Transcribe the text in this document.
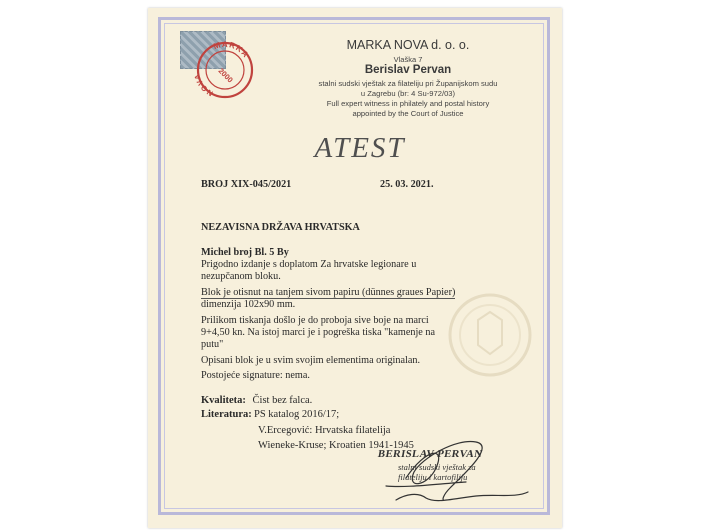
MARKA
NOVA	2000
MARKA NOVA d. o. o.
Vlaška 7
Berislav Pervan
stalni sudski vještak za filateliju pri Županijskom sudu
u Zagrebu (br: 4 Su-972/03)
Full expert witness in philately and postal history
appointed by the Court of Justice
ATEST
BROJ XIX-045/2021	25. 03. 2021.
NEZAVISNA DRŽAVA HRVATSKA
Michel broj Bl. 5 By
Prigodno izdanje s doplatom Za hrvatske legionare u
nezupčanom bloku.
Blok je otisnut na tanjem sivom papiru (dünnes graues Papier)
dimenzija 102x90 mm.
Prilikom tiskanja došlo je do proboja sive boje na marci
9+4,50 kn. Na istoj marci je i pogreška tiska "kamenje na
putu"
Opisani blok je u svim svojim elementima originalan.
Postojeće signature: nema.
Kvaliteta: Čist bez falca.
Literatura: PS katalog 2016/17;
V.Ercegović: Hrvatska filatelija
Wieneke-Kruse; Kroatien 1941-1945
BERISLAV PERVAN
stalni sudski vještak za
filateliju i kartofiliju
